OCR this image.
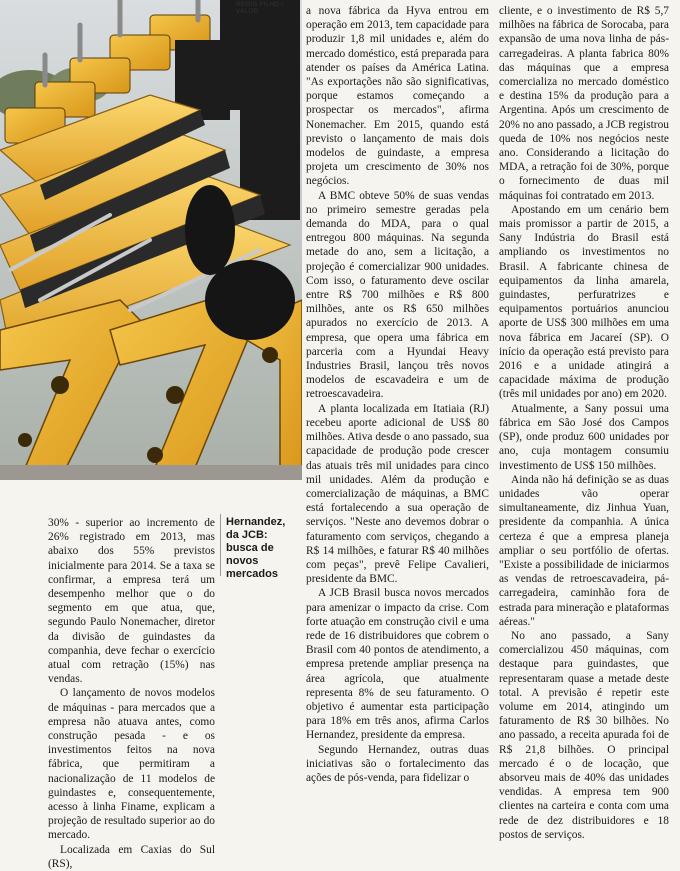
REGIS FILHO / VALOR
Hernandez, da JCB: busca de novos mercados

30% - superior ao incremento de 26% registrado em 2013, mas abaixo dos 55% previstos inicialmente para 2014. Se a taxa se confirmar, a empresa terá um desempenho melhor que o do segmento em que atua, que, segundo Paulo Nonemacher, diretor da divisão de guindastes da companhia, deve fechar o exercício atual com retração (15%) nas vendas.

O lançamento de novos modelos de máquinas - para mercados que a empresa não atuava antes, como construção pesada - e os investimentos feitos na nova fábrica, que permitiram a nacionalização de 11 modelos de guindastes e, consequentemente, acesso à linha Finame, explicam a projeção de resultado superior ao do mercado.

Localizada em Caxias do Sul (RS),

a nova fábrica da Hyva entrou em operação em 2013, tem capacidade para produzir 1,8 mil unidades e, além do mercado doméstico, está preparada para atender os países da América Latina. "As exportações não são significativas, porque estamos começando a prospectar os mercados", afirma Nonemacher. Em 2015, quando está previsto o lançamento de mais dois modelos de guindaste, a empresa projeta um crescimento de 30% nos negócios.

A BMC obteve 50% de suas vendas no primeiro semestre geradas pela demanda do MDA, para o qual entregou 800 máquinas. Na segunda metade do ano, sem a licitação, a projeção é comercializar 900 unidades. Com isso, o faturamento deve oscilar entre R$ 700 milhões e R$ 800 milhões, ante os R$ 650 milhões apurados no exercício de 2013. A empresa, que opera uma fábrica em parceria com a Hyundai Heavy Industries Brasil, lançou três novos modelos de escavadeira e um de retroescavadeira.

A planta localizada em Itatiaia (RJ) recebeu aporte adicional de US$ 80 milhões. Ativa desde o ano passado, sua capacidade de produção pode crescer das atuais três mil unidades para cinco mil unidades. Além da produção e comercialização de máquinas, a BMC está fortalecendo a sua operação de serviços. "Neste ano devemos dobrar o faturamento com serviços, chegando a R$ 14 milhões, e faturar R$ 40 milhões com peças", prevê Felipe Cavalieri, presidente da BMC.

A JCB Brasil busca novos mercados para amenizar o impacto da crise. Com forte atuação em construção civil e uma rede de 16 distribuidores que cobrem o Brasil com 40 pontos de atendimento, a empresa pretende ampliar presença na área agrícola, que atualmente representa 8% de seu faturamento. O objetivo é aumentar esta participação para 18% em três anos, afirma Carlos Hernandez, presidente da empresa.

Segundo Hernandez, outras duas iniciativas são o fortalecimento das ações de pós-venda, para fidelizar o

cliente, e o investimento de R$ 5,7 milhões na fábrica de Sorocaba, para expansão de uma nova linha de pás-carregadeiras. A planta fabrica 80% das máquinas que a empresa comercializa no mercado doméstico e destina 15% da produção para a Argentina. Após um crescimento de 20% no ano passado, a JCB registrou queda de 10% nos negócios neste ano. Considerando a licitação do MDA, a retração foi de 30%, porque o fornecimento de duas mil máquinas foi contratado em 2013.

Apostando em um cenário bem mais promissor a partir de 2015, a Sany Indústria do Brasil está ampliando os investimentos no Brasil. A fabricante chinesa de equipamentos da linha amarela, guindastes, perfuratrizes e equipamentos portuários anunciou aporte de US$ 300 milhões em uma nova fábrica em Jacareí (SP). O início da operação está previsto para 2016 e a unidade atingirá a capacidade máxima de produção (três mil unidades por ano) em 2020.

Atualmente, a Sany possui uma fábrica em São José dos Campos (SP), onde produz 600 unidades por ano, cuja montagem consumiu investimento de US$ 150 milhões.

Ainda não há definição se as duas unidades vão operar simultaneamente, diz Jinhua Yuan, presidente da companhia. A única certeza é que a empresa planeja ampliar o seu portfólio de ofertas. "Existe a possibilidade de iniciarmos as vendas de retroescavadeira, pá-carregadeira, caminhão fora de estrada para mineração e plataformas aéreas."

No ano passado, a Sany comercializou 450 máquinas, com destaque para guindastes, que representaram quase a metade deste total. A previsão é repetir este volume em 2014, atingindo um faturamento de R$ 30 bilhões. No ano passado, a receita apurada foi de R$ 21,8 bilhões. O principal mercado é o de locação, que absorveu mais de 40% das unidades vendidas. A empresa tem 900 clientes na carteira e conta com uma rede de dez distribuidores e 18 postos de serviços.
